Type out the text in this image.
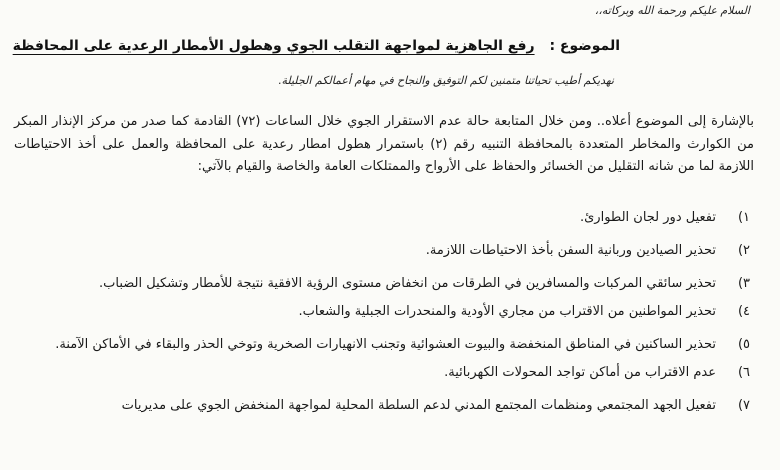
السلام عليكم ورحمة الله وبركاته،،
الموضوع : رفع الجاهزية لمواجهة التقلب الجوي وهطول الأمطار الرعدية على المحافظة
نهديكم أطيب تحياتنا متمنين لكم التوفيق والنجاح في مهام أعمالكم الجليلة.

بالإشارة إلى الموضوع أعلاه.. ومن خلال المتابعة حالة عدم الاستقرار الجوي خلال الساعات (٧٢) القادمة كما صدر من مركز الإنذار المبكر من الكوارث والمخاطر المتعددة بالمحافظة التنبيه رقم (٢) باستمرار هطول امطار رعدية على المحافظة والعمل على أخذ الاحتياطات اللازمة لما من شانه التقليل من الخسائر والحفاظ على الأرواح والممتلكات العامة والخاصة والقيام بالآتي:

١)
تفعيل دور لجان الطوارئ.
٢)
تحذير الصيادين وربانية السفن بأخذ الاحتياطات اللازمة.
٣)
تحذير سائقي المركبات والمسافرين في الطرقات من انخفاض مستوى الرؤية الافقية نتيجة للأمطار وتشكيل الضباب.
٤)
تحذير المواطنين من الاقتراب من مجاري الأودية والمنحدرات الجبلية والشعاب.
٥)
تحذير الساكنين في المناطق المنخفضة والبيوت العشوائية وتجنب الانهيارات الصخرية وتوخي الحذر والبقاء في الأماكن الآمنة.
٦)
عدم الاقتراب من أماكن تواجد المحولات الكهربائية.
٧)
تفعيل الجهد المجتمعي ومنظمات المجتمع المدني لدعم السلطة المحلية لمواجهة المنخفض الجوي على مديريات
